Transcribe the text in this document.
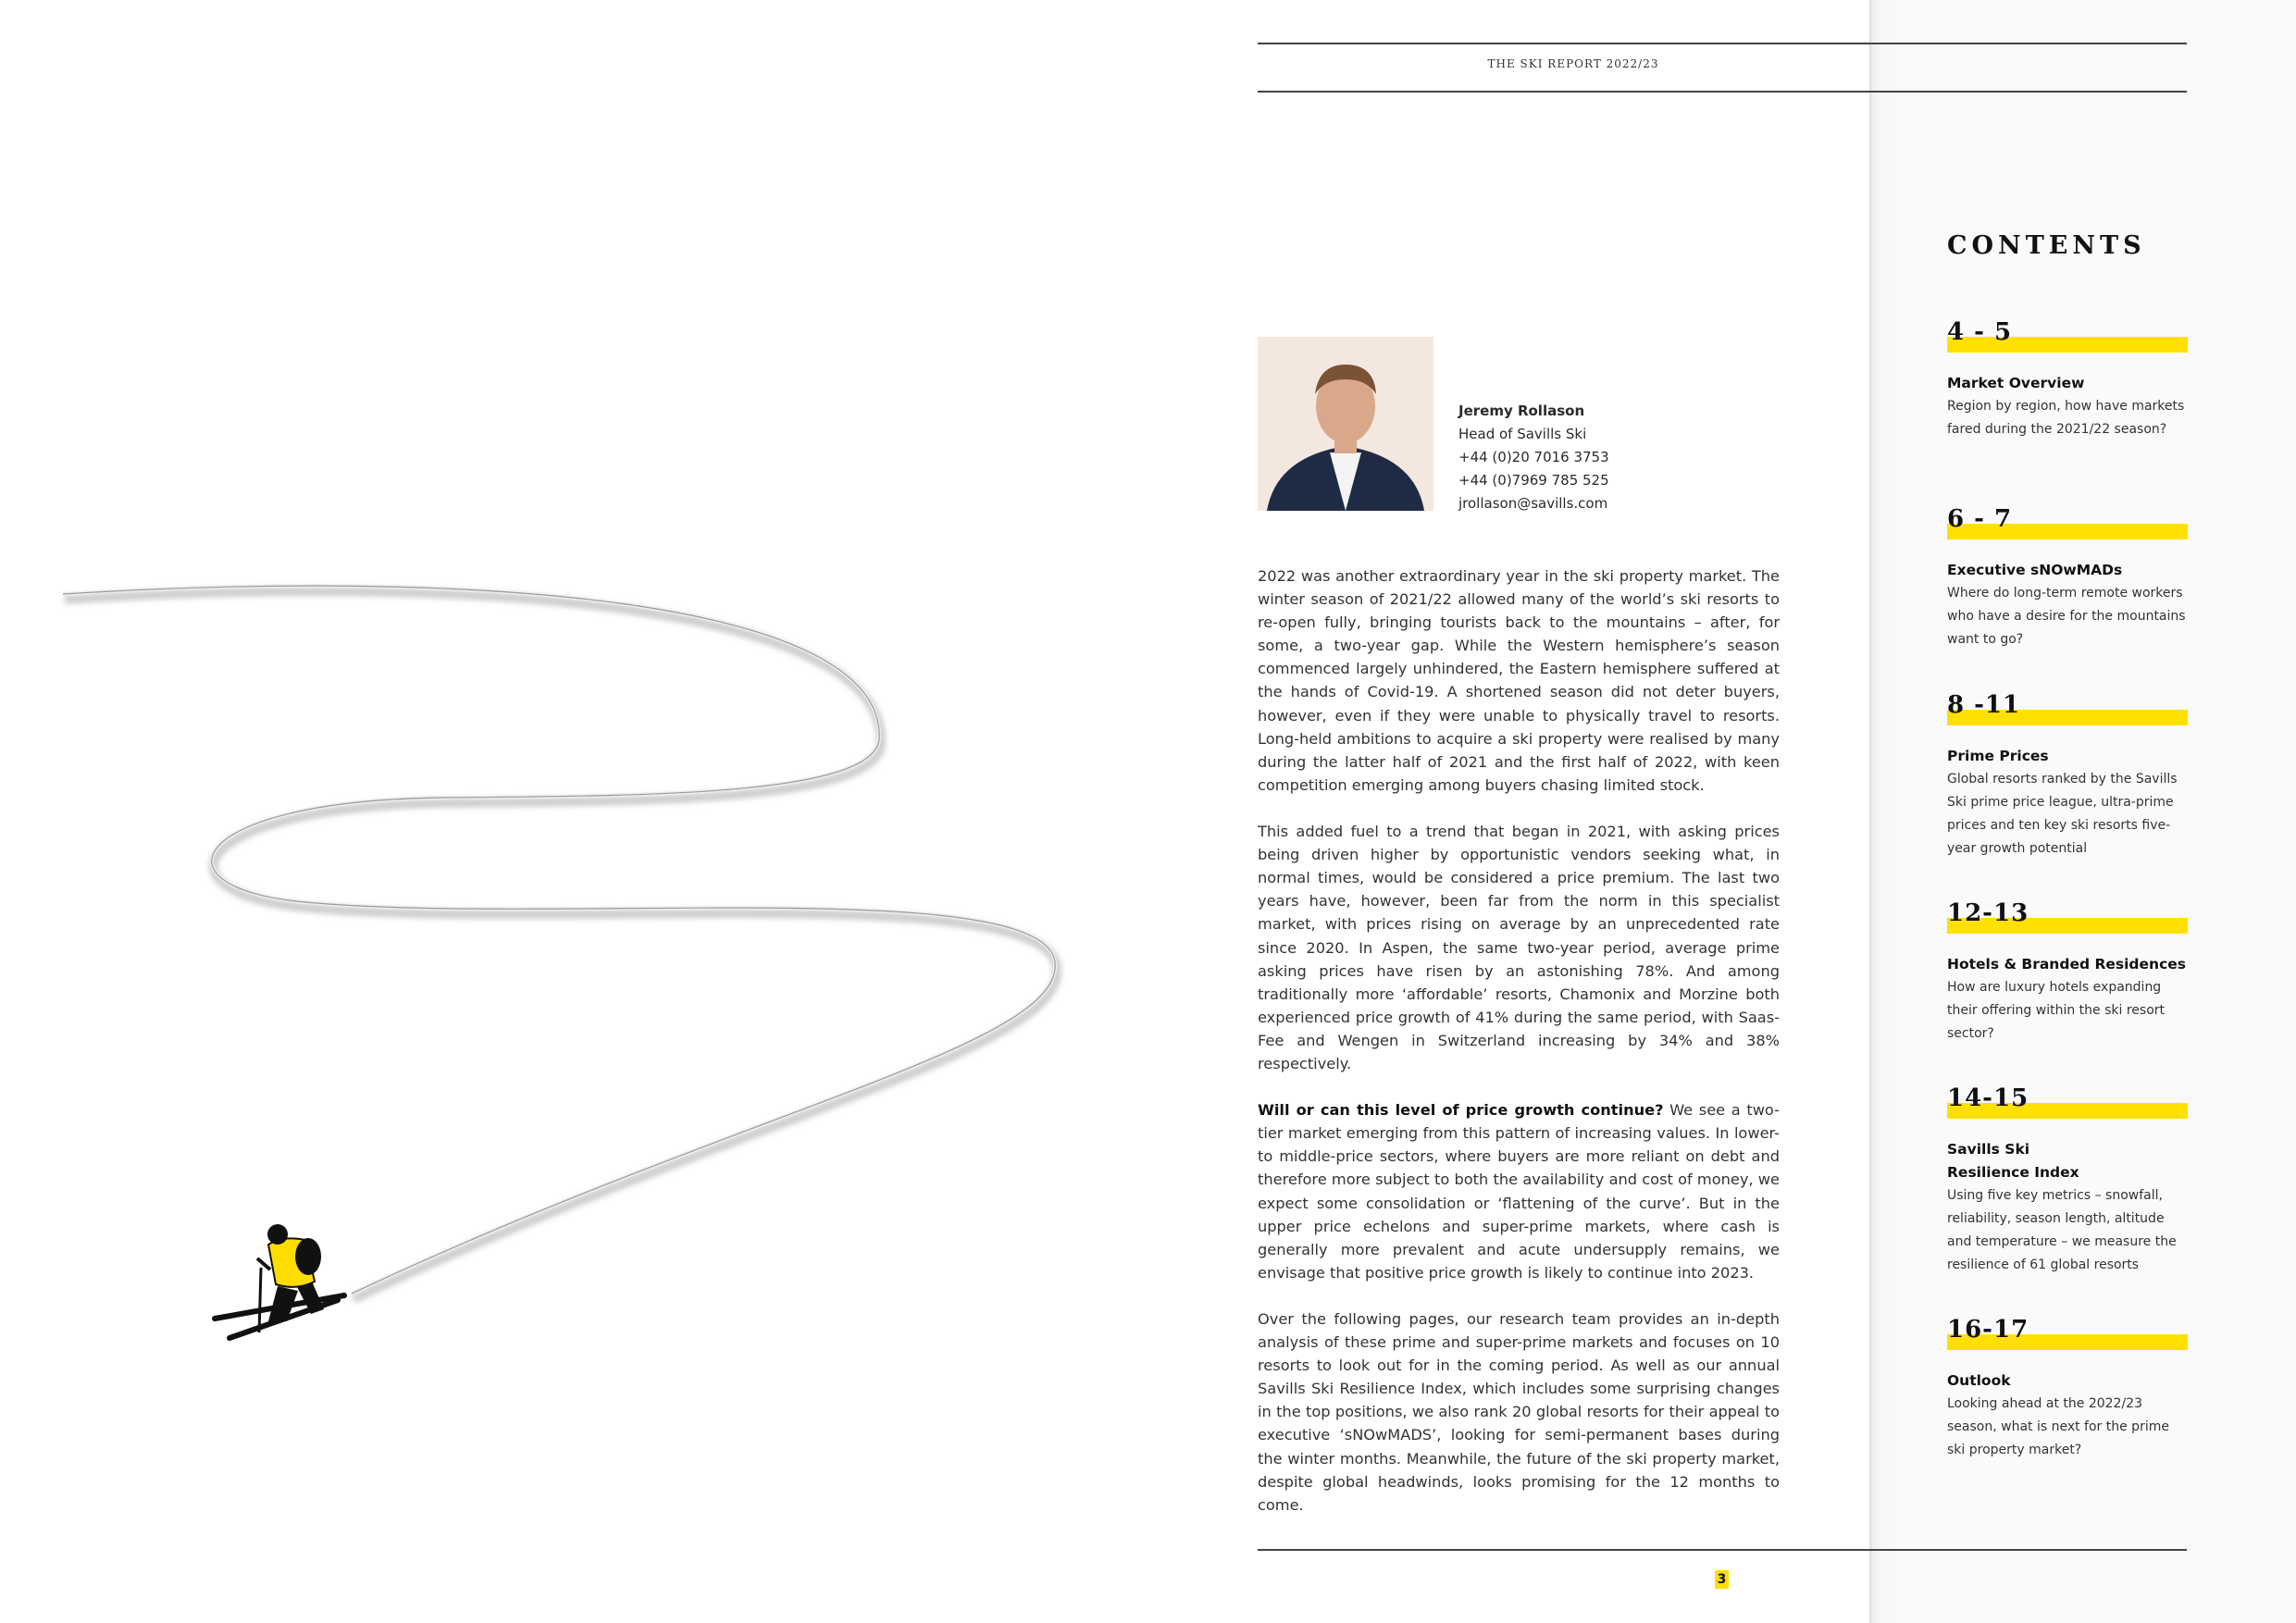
THE SKI REPORT 2022/23
Jeremy Rollason
Head of Savills Ski
+44 (0)20 7016 3753
+44 (0)7969 785 525
jrollason@savills.com

2022 was another extraordinary year in the ski property market. The winter season of 2021/22 allowed many of the world’s ski resorts to re-open fully, bringing tourists back to the mountains – after, for some, a two-year gap. While the Western hemisphere’s season commenced largely unhindered, the Eastern hemisphere suffered at the hands of Covid-19. A shortened season did not deter buyers, however, even if they were unable to physically travel to resorts. Long-held ambitions to acquire a ski property were realised by many during the latter half of 2021 and the first half of 2022, with keen competition emerging among buyers chasing limited stock.

This added fuel to a trend that began in 2021, with asking prices being driven higher by opportunistic vendors seeking what, in normal times, would be considered a price premium. The last two years have, however, been far from the norm in this specialist market, with prices rising on average by an unprecedented rate since 2020. In Aspen, the same two-year period, average prime asking prices have risen by an astonishing 78%. And among traditionally more ‘affordable’ resorts, Chamonix and Morzine both experienced price growth of 41% during the same period, with Saas-Fee and Wengen in Switzerland increasing by 34% and 38% respectively.

Will or can this level of price growth continue? We see a two-tier market emerging from this pattern of increasing values. In lower-to middle-price sectors, where buyers are more reliant on debt and therefore more subject to both the availability and cost of money, we expect some consolidation or ‘flattening of the curve’. But in the upper price echelons and super-prime markets, where cash is generally more prevalent and acute undersupply remains, we envisage that positive price growth is likely to continue into 2023.

Over the following pages, our research team provides an in-depth analysis of these prime and super-prime markets and focuses on 10 resorts to look out for in the coming period. As well as our annual Savills Ski Resilience Index, which includes some surprising changes in the top positions, we also rank 20 global resorts for their appeal to executive ‘sNOwMADS’, looking for semi-permanent bases during the winter months. Meanwhile, the future of the ski property market, despite global headwinds, looks promising for the 12 months to come.

CONTENTS
4 - 5
Market Overview
Region by region, how have markets fared during the 2021/22 season?
6 - 7
Executive sNOwMADs
Where do long-term remote workers who have a desire for the mountains want to go?
8 -11
Prime Prices
Global resorts ranked by the Savills Ski prime price league, ultra-prime prices and ten key ski resorts five-year growth potential
12-13
Hotels & Branded Residences
How are luxury hotels expanding their offering within the ski resort sector?
14-15
Savills Ski Resilience Index
Using five key metrics – snowfall, reliability, season length, altitude and temperature – we measure the resilience of 61 global resorts
16-17
Outlook
Looking ahead at the 2022/23 season, what is next for the prime ski property market?
3
